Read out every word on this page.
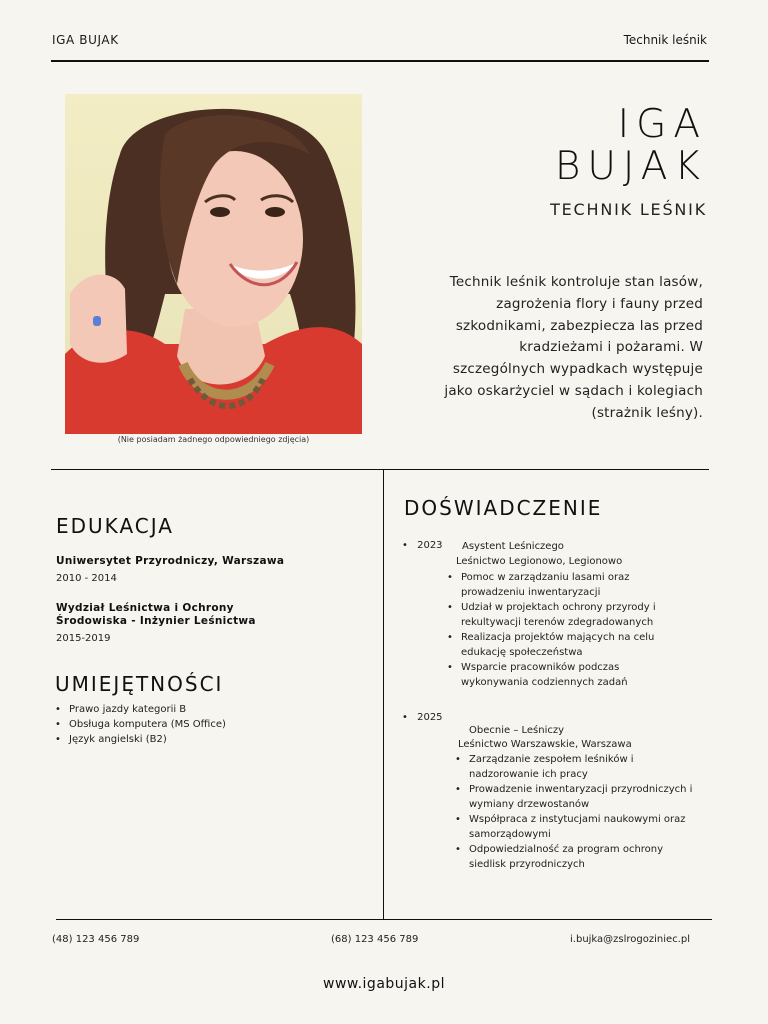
IGA BUJAK	Technik leśnik
(Nie posiadam żadnego odpowiedniego zdjęcia)
IGA
BUJAK
TECHNIK LEŚNIK
Technik leśnik kontroluje stan lasów,
zagrożenia flory i fauny przed
szkodnikami, zabezpiecza las przed
kradzieżami i pożarami. W
szczególnych wypadkach występuje
jako oskarżyciel w sądach i kolegiach
(strażnik leśny).
EDUKACJA
Uniwersytet Przyrodniczy, Warszawa
2010 - 2014
Wydział Leśnictwa i Ochrony
Środowiska - Inżynier Leśnictwa
2015-2019
UMIEJĘTNOŚCI
• Prawo jazdy kategorii B
• Obsługa komputera (MS Office)
• Język angielski (B2)
DOŚWIADCZENIE
• 2023 Asystent Leśniczego
Leśnictwo Legionowo, Legionowo
• Pomoc w zarządzaniu lasami oraz
prowadzeniu inwentaryzacji
• Udział w projektach ochrony przyrody i
rekultywacji terenów zdegradowanych
• Realizacja projektów mających na celu
edukację społeczeństwa
• Wsparcie pracowników podczas
wykonywania codziennych zadań
• 2025
Obecnie – Leśniczy
Leśnictwo Warszawskie, Warszawa
• Zarządzanie zespołem leśników i
nadzorowanie ich pracy
• Prowadzenie inwentaryzacji przyrodniczych i
wymiany drzewostanów
• Współpraca z instytucjami naukowymi oraz
samorządowymi
• Odpowiedzialność za program ochrony
siedlisk przyrodniczych
(48) 123 456 789	(68) 123 456 789	i.bujka@zslrogoziniec.pl
www.igabujak.pl
